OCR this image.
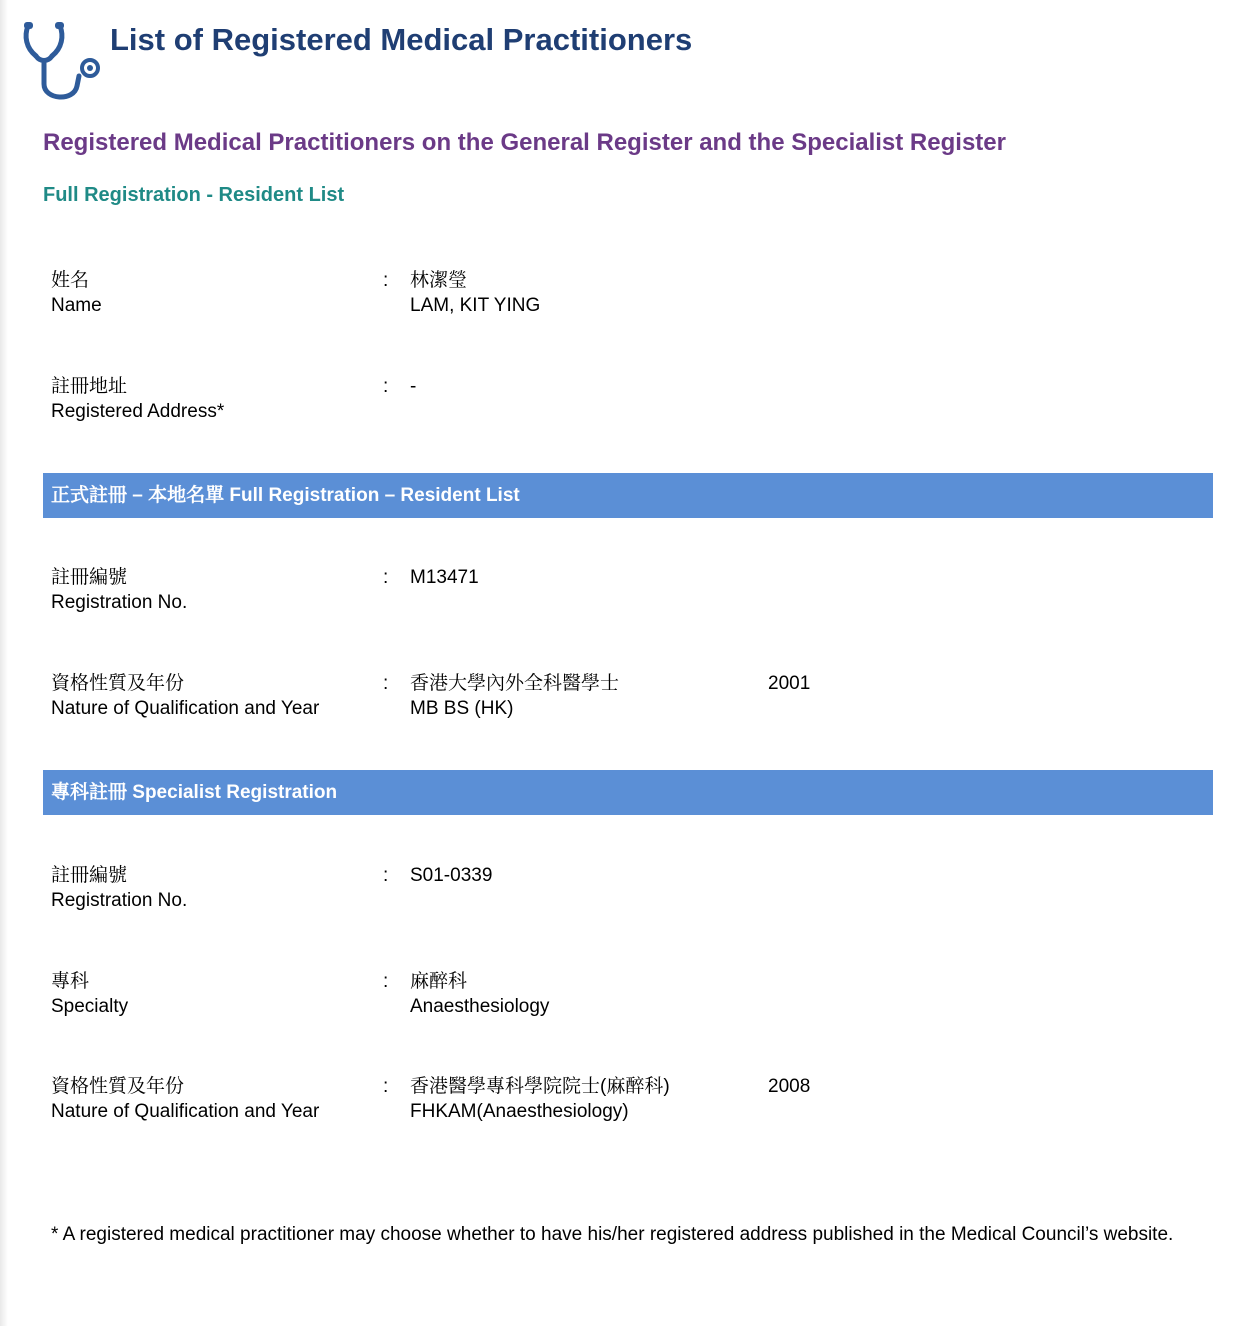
List of Registered Medical Practitioners
Registered Medical Practitioners on the General Register and the Specialist Register
Full Registration - Resident List
姓名
Name
: 林潔瑩
LAM, KIT YING
註冊地址
Registered Address*
: -
正式註冊 – 本地名單 Full Registration – Resident List
註冊編號
Registration No.
: M13471
資格性質及年份
Nature of Qualification and Year
: 香港大學內外全科醫學士
MB BS (HK)
2001
專科註冊 Specialist Registration
註冊編號
Registration No.
: S01-0339
專科
Specialty
: 麻醉科
Anaesthesiology
資格性質及年份
Nature of Qualification and Year
: 香港醫學專科學院院士(麻醉科)
FHKAM(Anaesthesiology)
2008
* A registered medical practitioner may choose whether to have his/her registered address published in the Medical Council’s website.
